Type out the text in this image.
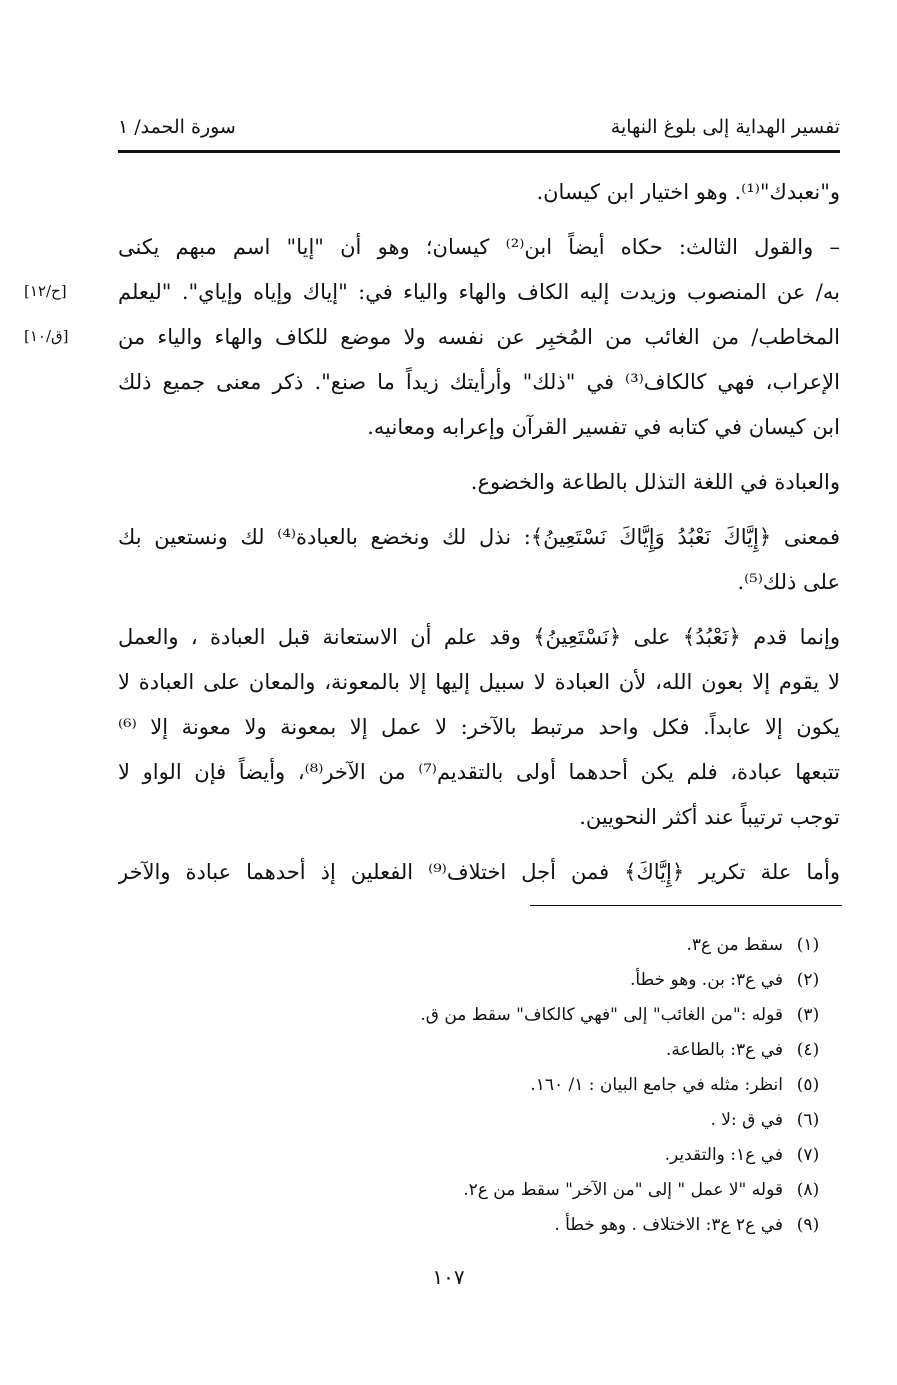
تفسير الهداية إلى بلوغ النهاية
سورة الحمد/ ١
[ح/١٢]
[ق/١٠]
و"نعبدك"⁽¹⁾. وهو اختيار ابن كيسان.
– والقول الثالث: حكاه أيضاً ابن⁽²⁾ كيسان؛ وهو أن "إيا" اسم مبهم يكنى
به/ عن المنصوب وزيدت إليه الكاف والهاء والياء في: "إياك وإياه وإياي". "ليعلم
المخاطب/ من الغائب من المُخبِر عن نفسه ولا موضع للكاف والهاء والياء من
الإعراب، فهي كالكاف⁽³⁾ في "ذلك" وأرأيتك زيداً ما صنع". ذكر معنى جميع ذلك
ابن كيسان في كتابه في تفسير القرآن وإعرابه ومعانيه.
والعبادة في اللغة التذلل بالطاعة والخضوع.
فمعنى ﴿إِيَّاكَ نَعْبُدُ وَإِيَّاكَ نَسْتَعِينُ﴾: نذل لك ونخضع بالعبادة⁽⁴⁾ لك ونستعين بك
على ذلك⁽⁵⁾.
وإنما قدم ﴿نَعْبُدُ﴾ على ﴿نَسْتَعِينُ﴾ وقد علم أن الاستعانة قبل العبادة ، والعمل
لا يقوم إلا بعون الله، لأن العبادة لا سبيل إليها إلا بالمعونة، والمعان على العبادة لا
يكون إلا عابداً. فكل واحد مرتبط بالآخر: لا عمل إلا بمعونة ولا معونة إلا ⁽⁶⁾
تتبعها عبادة، فلم يكن أحدهما أولى بالتقديم⁽⁷⁾ من الآخر⁽⁸⁾، وأيضاً فإن الواو لا
توجب ترتيباً عند أكثر النحويين.
وأما علة تكرير ﴿إِيَّاكَ﴾ فمن أجل اختلاف⁽⁹⁾ الفعلين إذ أحدهما عبادة والآخر
(١)
سقط من ع٣.
(٢)
في ع٣: بن. وهو خطأ.
(٣)
قوله :"من الغائب" إلى "فهي كالكاف" سقط من ق.
(٤)
في ع٣: بالطاعة.
(٥)
انظر: مثله في جامع البيان : ١/ ١٦٠.
(٦)
في ق :لا .
(٧)
في ع١: والتقدير.
(٨)
قوله "لا عمل " إلى "من الآخر" سقط من ع٢.
(٩)
في ع٢ ع٣: الاختلاف . وهو خطأ .
١٠٧
